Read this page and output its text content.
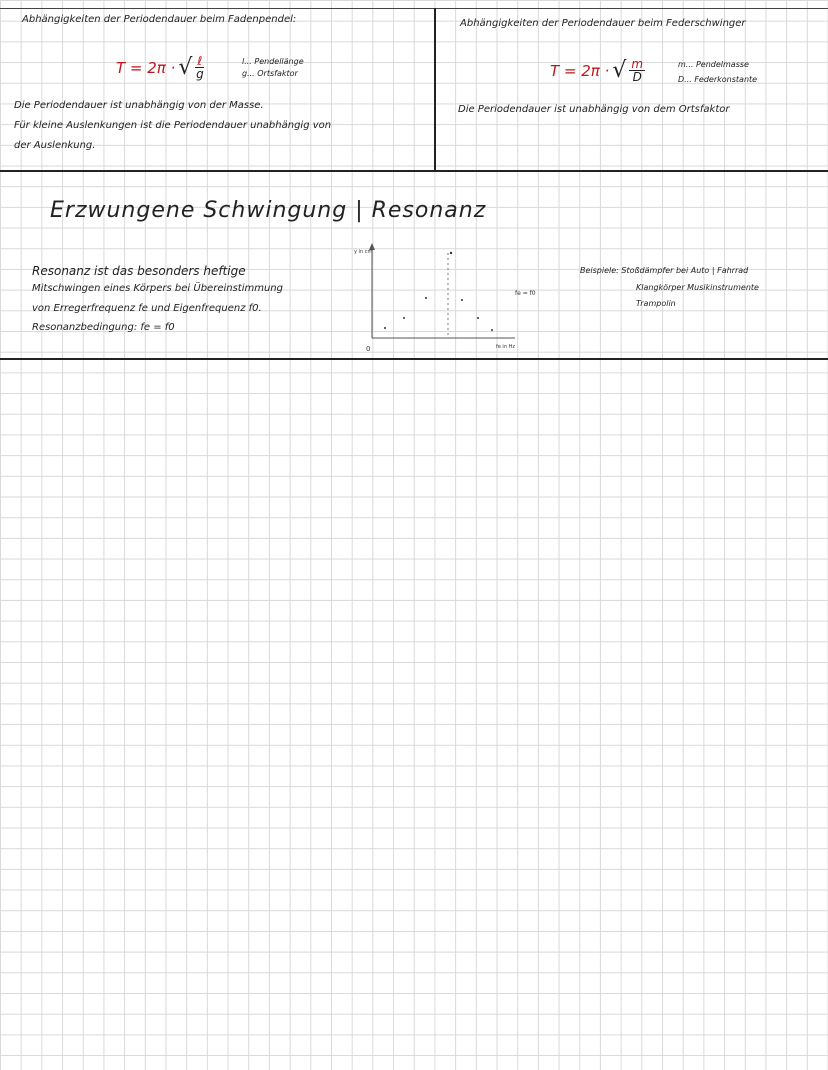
Abhängigkeiten der Periodendauer beim Fadenpendel:
T = 2π · √ $\frac{\text{ℓ}}{g}$	l... Pendellänge
g... Ortsfaktor
Die Periodendauer ist unabhängig von der Masse.
Für kleine Auslenkungen ist die Periodendauer unabhängig von
der Auslenkung.
Abhängigkeiten der Periodendauer beim Federschwinger
T = 2π · √ $\frac{m}{D}$	m... Pendelmasse
D... Federkonstante
Die Periodendauer ist unabhängig von dem Ortsfaktor
Erzwungene Schwingung | Resonanz
Resonanz ist das besonders heftige
Mitschwingen eines Körpers bei Übereinstimmung
von Erregerfrequenz fe und Eigenfrequenz f0.
Resonanzbedingung: fe = f0
y in cm
0	fe in Hz
fe = f0
Beispiele: Stoßdämpfer bei Auto | Fahrrad
Klangkörper Musikinstrumente
Trampolin
